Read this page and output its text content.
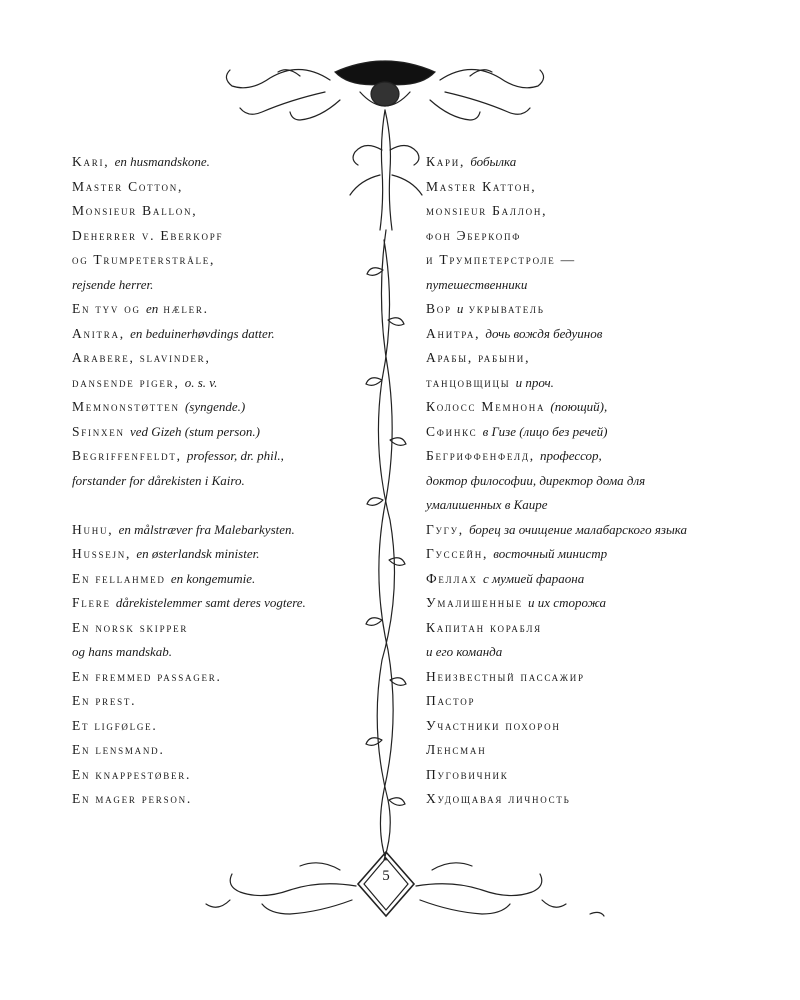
Kari, en husmandskone.
Master Cotton,
Monsieur Ballon,
Deherrer v. Eberkopf
og Trumpeterstråle,
rejsende herrer.
En tyv og en hæler.
Anitra, en beduinerhøvdings datter.
Arabere, slavinder,
dansende piger, o. s. v.
Memnonstøtten (syngende.)
Sfinxen ved Gizeh (stum person.)
Begriffenfeldt, professor, dr. phil.,
forstander for dårekisten i Kairo.
Huhu, en målstræver fra Malebarkysten.
Hussejn, en østerlandsk minister.
En fellahmed en kongemumie.
Flere dårekistelemmer samt deres vogtere.
En norsk skipper
og hans mandskab.
En fremmed passager.
En prest.
Et ligfølge.
En lensmand.
En knappestøber.
En mager person.
Кари, бобылка
Master Каттон,
monsieur Баллон,
фон Эберкопф
и Трумпетерстроле —
путешественники
Вор и укрыватель
Анитра, дочь вождя бедуинов
Арабы, рабыни,
танцовщицы и проч.
Колосс Мемнона (поющий),
Сфинкс в Гизе (лицо без речей)
Бегриффенфелд, профессор,
доктор философии, директор дома для
умалишенных в Каире
Гугу, борец за очищение малабарского языка
Гуссейн, восточный министр
Феллах с мумией фараона
Умалишенные и их сторожа
Капитан корабля
и его команда
Неизвестный пассажир
Пастор
Участники похорон
Ленсман
Пуговичник
Худощавая личность
5
